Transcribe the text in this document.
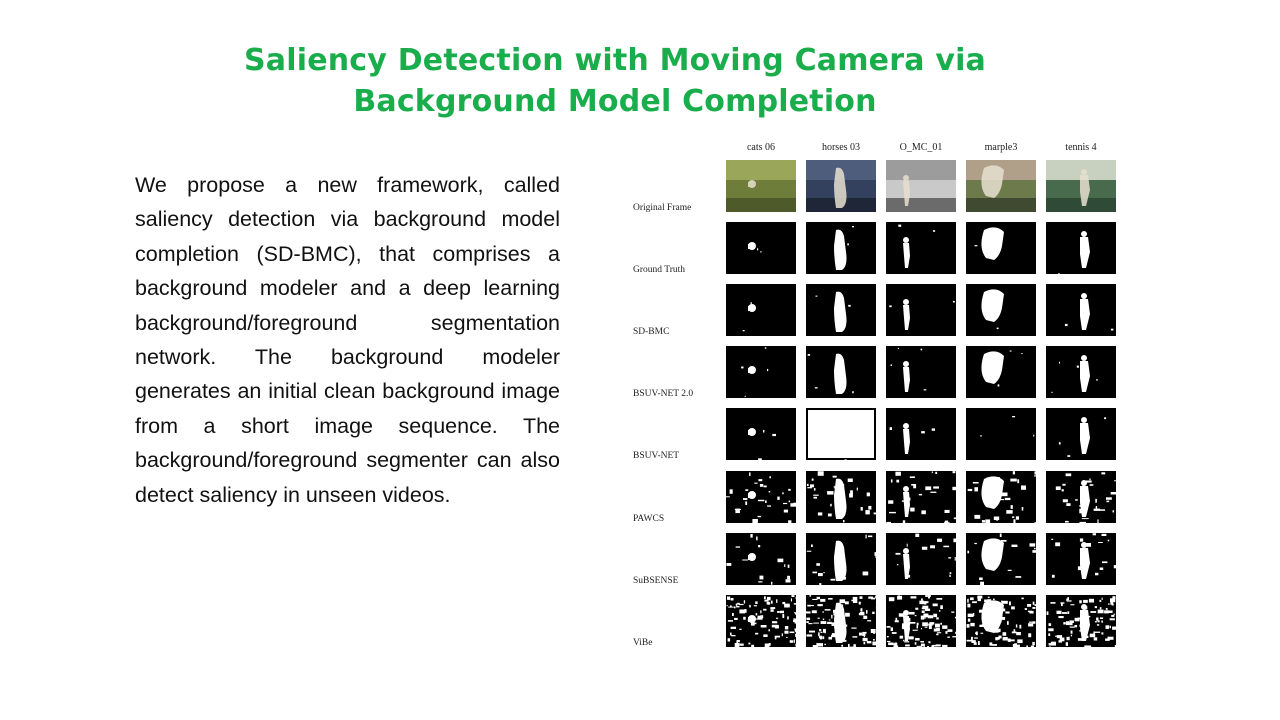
Saliency Detection with Moving Camera via
Background Model Completion
We propose a new framework, called saliency detection via background model completion (SD-BMC), that comprises a background modeler and a deep learning background/foreground segmentation network. The background modeler generates an initial clean background image from a short image sequence. The background/foreground segmenter can also detect saliency in unseen videos.
cats 06	horses 03	O_MC_01	marple3	tennis 4
Original Frame
Ground Truth
SD-BMC
BSUV-NET 2.0
BSUV-NET
PAWCS
SuBSENSE
ViBe
